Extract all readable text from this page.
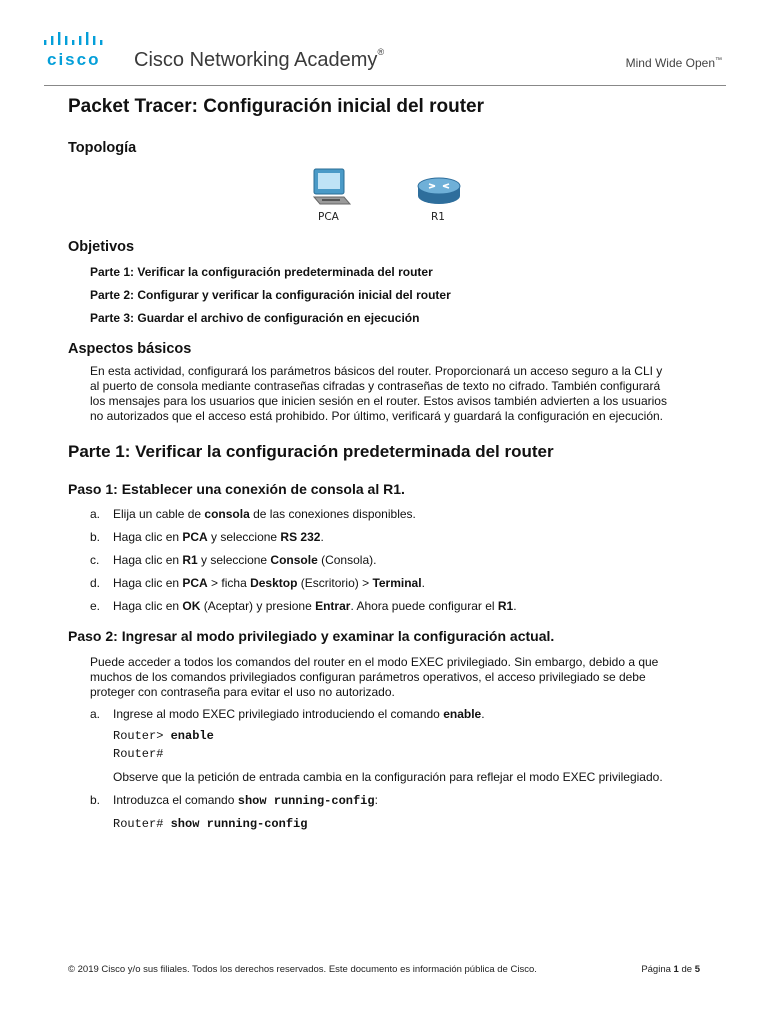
cisco Cisco Networking Academy®
Mind Wide Open™
Packet Tracer: Configuración inicial del router
Topología
PCA	R1
Objetivos
Parte 1: Verificar la configuración predeterminada del router
Parte 2: Configurar y verificar la configuración inicial del router
Parte 3: Guardar el archivo de configuración en ejecución
Aspectos básicos
En esta actividad, configurará los parámetros básicos del router. Proporcionará un acceso seguro a la CLI y
al puerto de consola mediante contraseñas cifradas y contraseñas de texto no cifrado. También configurará
los mensajes para los usuarios que inicien sesión en el router. Estos avisos también advierten a los usuarios
no autorizados que el acceso está prohibido. Por último, verificará y guardará la configuración en ejecución.
Parte 1: Verificar la configuración predeterminada del router
Paso 1: Establecer una conexión de consola al R1.
a.	Elija un cable de consola de las conexiones disponibles.
b.	Haga clic en PCA y seleccione RS 232.
c.	Haga clic en R1 y seleccione Console (Consola).
d.	Haga clic en PCA > ficha Desktop (Escritorio) > Terminal.
e.	Haga clic en OK (Aceptar) y presione Entrar. Ahora puede configurar el R1.
Paso 2: Ingresar al modo privilegiado y examinar la configuración actual.
Puede acceder a todos los comandos del router en el modo EXEC privilegiado. Sin embargo, debido a que
muchos de los comandos privilegiados configuran parámetros operativos, el acceso privilegiado se debe
proteger con contraseña para evitar el uso no autorizado.
a.	Ingrese al modo EXEC privilegiado introduciendo el comando enable.
Router> enable
Router#
Observe que la petición de entrada cambia en la configuración para reflejar el modo EXEC privilegiado.
b.	Introduzca el comando show running-config:
Router# show running-config
© 2019 Cisco y/o sus filiales. Todos los derechos reservados. Este documento es información pública de Cisco.	Página 1 de 5
